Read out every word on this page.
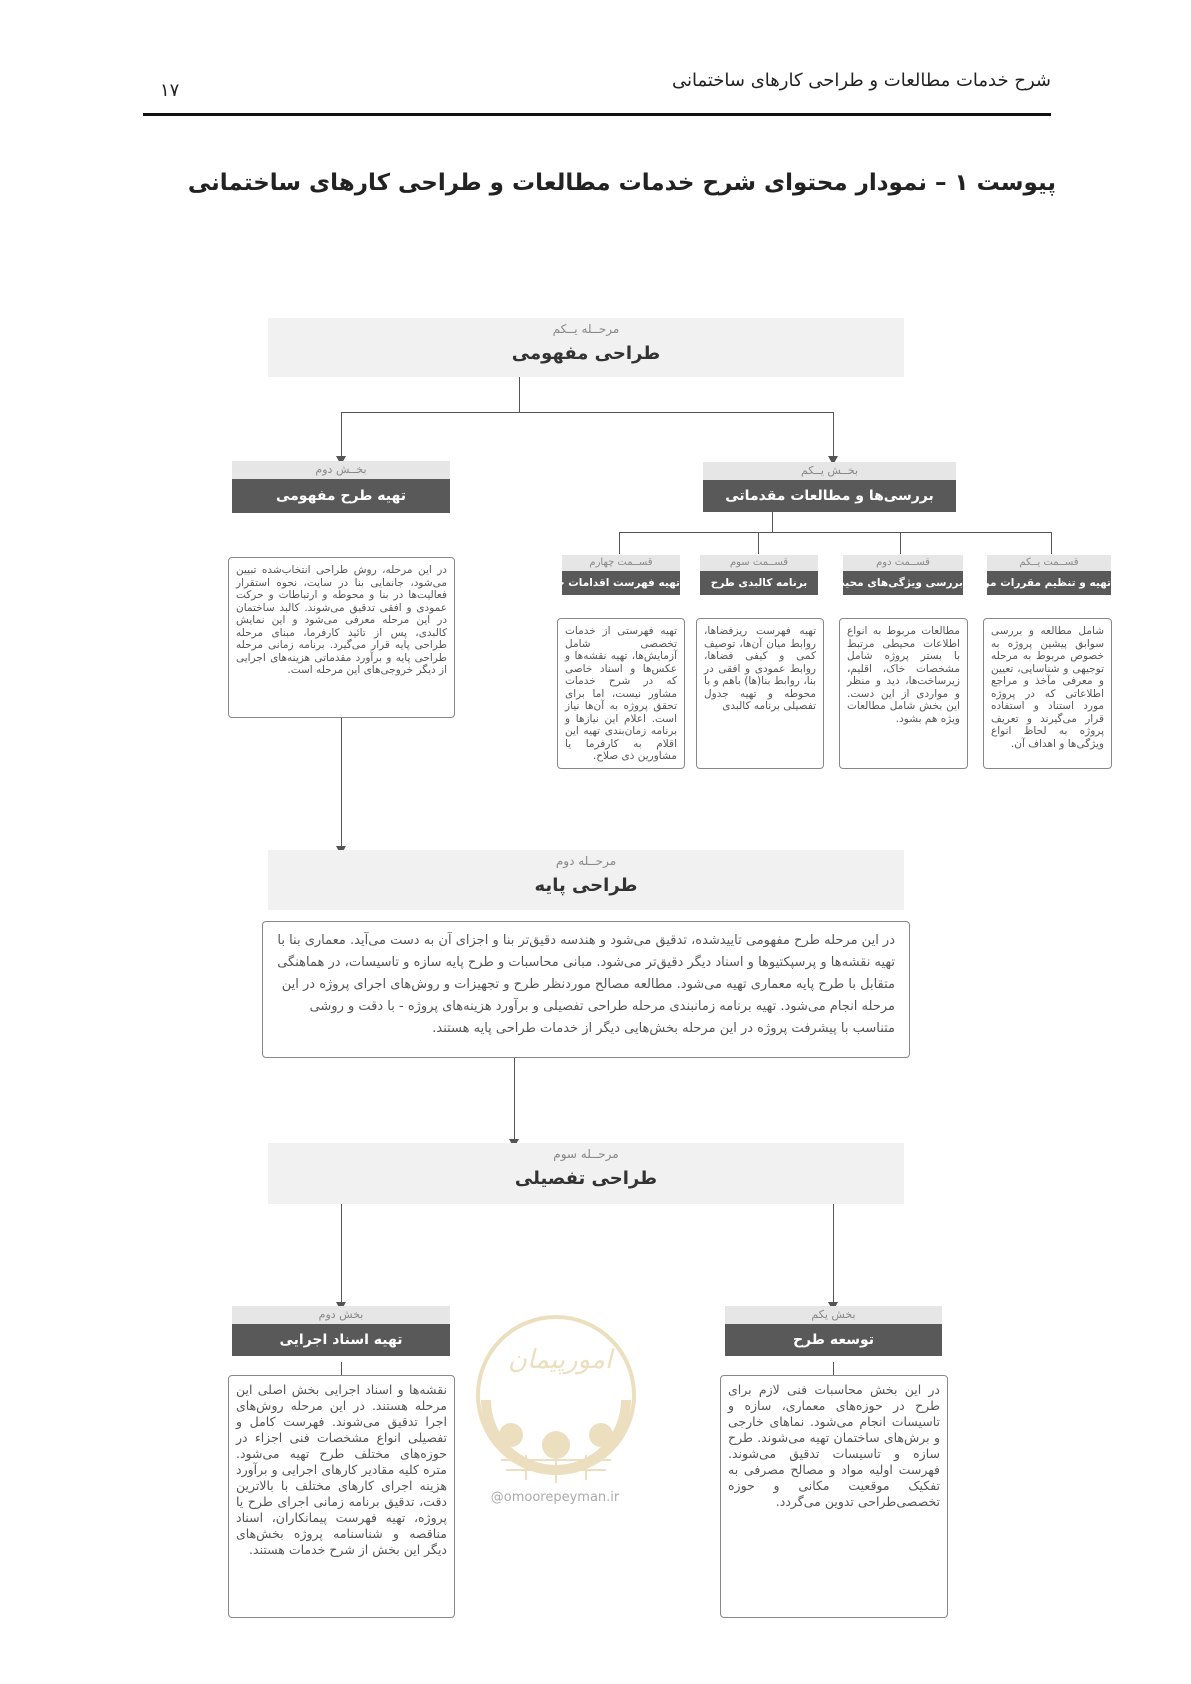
شرح خدمات مطالعات و طراحی کارهای ساختمانی
۱۷
پیوست ۱ – نمودار محتوای شرح خدمات مطالعات و طراحی کارهای ساختمانی
مرحــله یــکم
طراحی مفهومی
بخــش دوم
تهیه طرح مفهومی
در این مرحله، روش طراحی انتخاب‌شده تبیین می‌شود، جانمایی بنا در سایت، نحوه استقرار فعالیت‌ها در بنا و محوطه و ارتباطات و حرکت عمودی و افقی تدقیق می‌شوند. کالبد ساختمان در این مرحله معرفی می‌شود و این نمایش کالبدی، پس از تائید کارفرما، مبنای مرحله طراحی پایه قرار می‌گیرد. برنامه زمانی مرحله طراحی پایه و برآورد مقدماتی هزینه‌های اجرایی از دیگر خروجی‌های این مرحله است.
بخــش یــکم
بررسی‌ها و مطالعات مقدماتی
قســمت یــکم
تهیه و تنظیم مقررات مرجع
شامل مطالعه و بررسی سوابق پیشین پروژه به خصوص مربوط به مرحله توجیهی و شناسایی، تعیین و معرفی مآخذ و مراجع اطلاعاتی که در پروژه مورد استناد و استفاده قرار می‌گیرند و تعریف پروژه به لحاظ انواع ویژگی‌ها و اهداف آن.
قســمت دوم
بررسی ویژگی‌های محیطی
مطالعات مربوط به انواع اطلاعات محیطی مرتبط با بستر پروژه شامل مشخصات خاک، اقلیم، زیرساخت‌ها، دید و منظر و مواردی از این دست. این بخش شامل مطالعات ویژه هم بشود.
قســمت سوم
برنامه کالبدی طرح
تهیه فهرست ریزفضاها، روابط میان آن‌ها، توصیف کمی و کیفی فضاها، روابط عمودی و افقی در بنا، روابط بنا(ها) باهم و با محوطه و تهیه جدول تفصیلی برنامه کالبدی
قســمت چهارم
تهیه فهرست اقدامات جانبی
تهیه فهرستی از خدمات تخصصی شامل آزمایش‌ها، تهیه نقشه‌ها و عکس‌ها و اسناد خاصی که در شرح خدمات مشاور نیست، اما برای تحقق پروژه به آن‌ها نیاز است. اعلام این نیازها و برنامه زمان‌بندی تهیه این اقلام به کارفرما یا مشاورین ذی صلاح.
مرحــله دوم
طراحی پایه
در این مرحله طرح مفهومی تاییدشده، تدقیق می‌شود و هندسه دقیق‌تر بنا و اجزای آن به دست می‌آید. معماری بنا با تهیه نقشه‌ها و پرسپکتیوها و اسناد دیگر دقیق‌تر می‌شود. مبانی محاسبات و طرح پایه سازه و تاسیسات، در هماهنگی متقابل با طرح پایه معماری تهیه می‌شود. مطالعه مصالح موردنظر طرح و تجهیزات و روش‌های اجرای پروژه در این مرحله انجام می‌شود. تهیه برنامه زمانبندی مرحله طراحی تفصیلی و برآورد هزینه‌های پروژه - با دقت و روشی متناسب با پیشرفت پروژه در این مرحله بخش‌هایی دیگر از خدمات طراحی پایه هستند.
مرحــله سوم
طراحی تفصیلی
بخش دوم
تهیه اسناد اجرایی
نقشه‌ها و اسناد اجرایی بخش اصلی این مرحله هستند. در این مرحله روش‌های اجرا تدقیق می‌شوند. فهرست کامل و تفصیلی انواع مشخصات فنی اجزاء در حوزه‌های مختلف طرح تهیه می‌شود. متره کلیه مقادیر کارهای اجرایی و برآورد هزینه اجرای کارهای مختلف با بالاترین دقت، تدقیق برنامه زمانی اجرای طرح یا پروژه، تهیه فهرست پیمانکاران، اسناد مناقصه و شناسنامه پروژه بخش‌های دیگر این بخش از شرح خدمات هستند.
بخش یکم
توسعه طرح
در این بخش محاسبات فنی لازم برای طرح در حوزه‌های معماری، سازه و تاسیسات انجام می‌شود. نماهای خارجی و برش‌های ساختمان تهیه می‌شوند. طرح سازه و تاسیسات تدقیق می‌شوند. فهرست اولیه مواد و مصالح مصرفی به تفکیک موقعیت مکانی و حوزه تخصصی‌طراحی تدوین می‌گردد.
امورپیمان
@omoorepeyman.ir
